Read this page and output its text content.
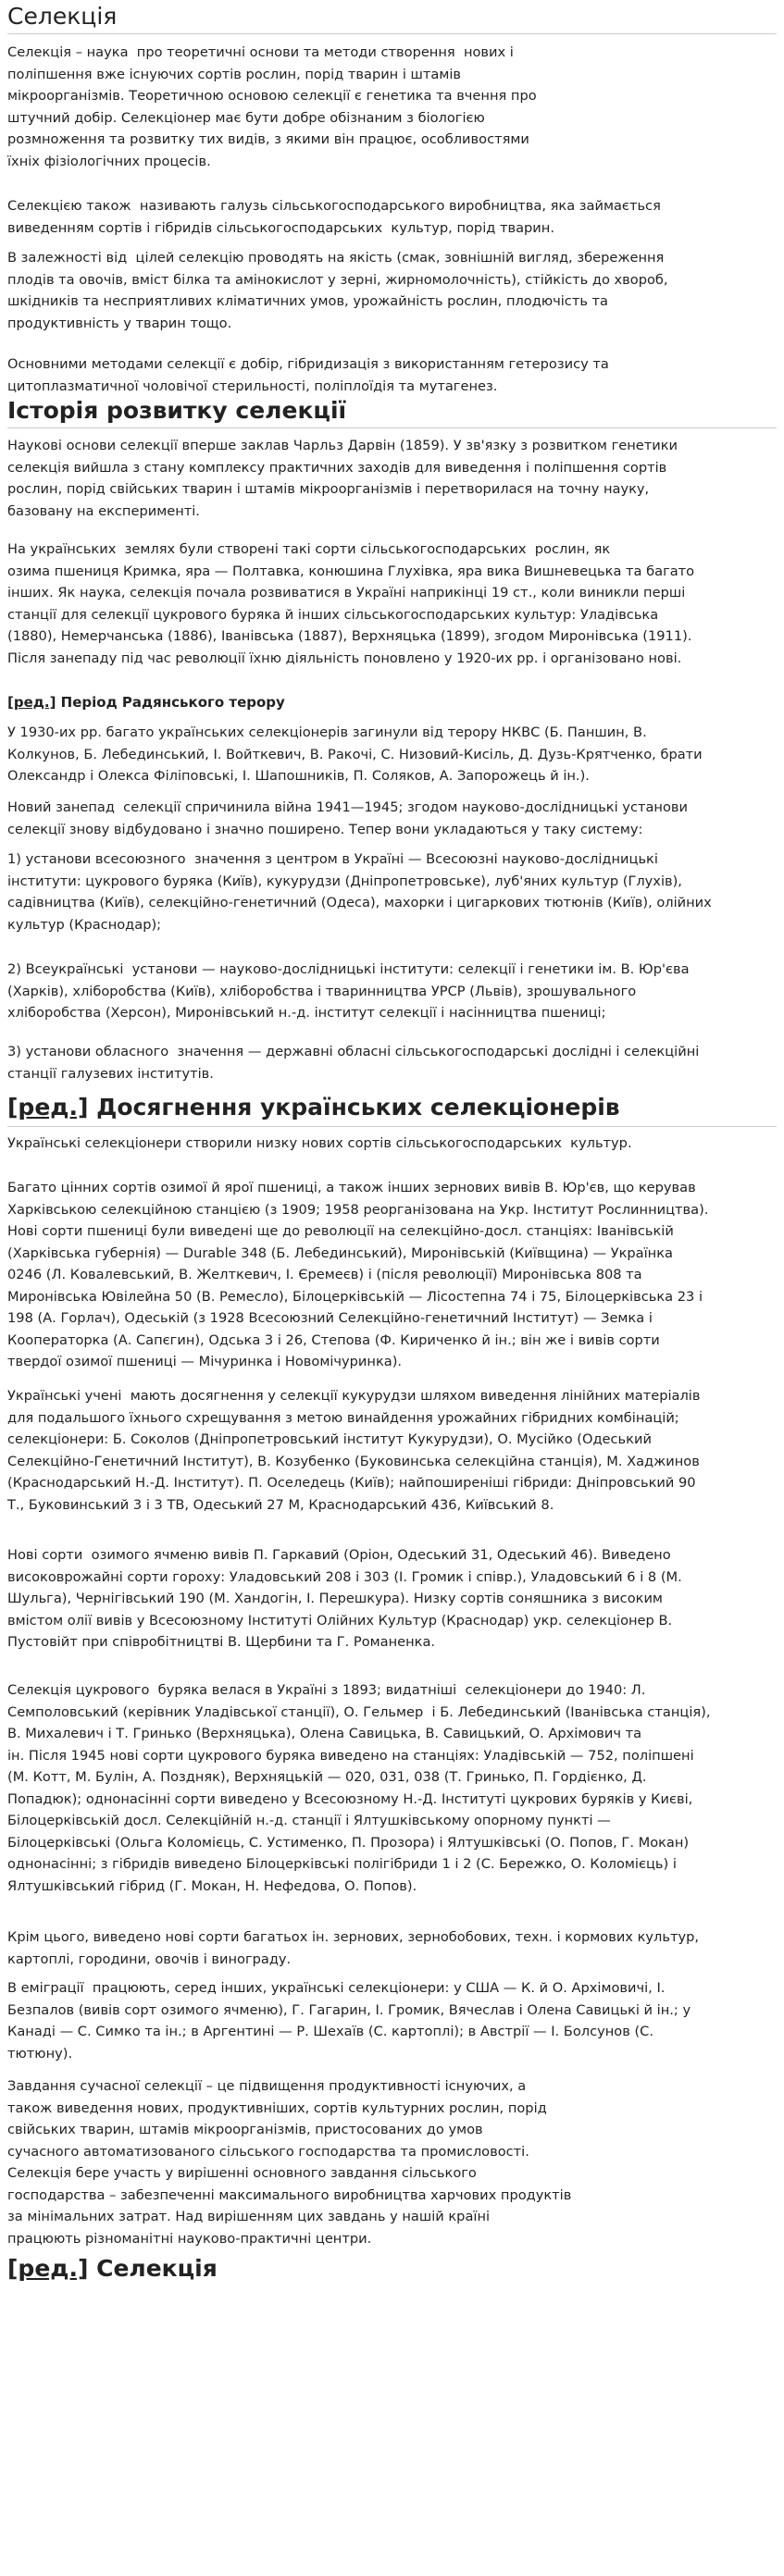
Селекція

Селекція – наука  про теоретичні основи та методи створення  нових і
поліпшення вже існуючих сортів рослин, порід тварин і штамів
мікроорганізмів. Теоретичною основою селекції є генетика та вчення про
штучний добір. Селекціонер має бути добре обізнаним з біологією
розмноження та розвитку тих видів, з якими він працює, особливостями
їхніх фізіологічних процесів.

Селекцією також  називають галузь сільськогосподарського виробництва, яка займається
виведенням сортів і гібридів сільськогосподарських  культур, порід тварин.

В залежності від  цілей селекцію проводять на якість (смак, зовнішній вигляд, збереження
плодів та овочів, вміст білка та амінокислот у зерні, жирномолочність), стійкість до хвороб,
шкідників та несприятливих кліматичних умов, урожайність рослин, плодючість та
продуктивність у тварин тощо.

Основними методами селекції є добір, гібридизація з використанням гетерозису та
цитоплазматичної чоловічої стерильності, поліплоїдія та мутагенез.

Історія розвитку селекції

Наукові основи селекції вперше заклав Чарльз Дарвін (1859). У зв'язку з розвитком генетики
селекція вийшла з стану комплексу практичних заходів для виведення і поліпшення сортів
рослин, порід свійських тварин і штамів мікроорганізмів і перетворилася на точну науку,
базовану на експерименті.

На українських  землях були створені такі сорти сільськогосподарських  рослин, як
озима пшениця Кримка, яра — Полтавка, конюшина Глухівка, яра вика Вишневецька та багато
інших. Як наука, селекція почала розвиватися в Україні наприкінці 19 ст., коли виникли перші
станції для селекції цукрового буряка й інших сільськогосподарських культур: Уладівська
(1880), Немерчанська (1886), Іванівська (1887), Верхняцька (1899), згодом Миронівська (1911).
Після занепаду під час революції їхню діяльність поновлено у 1920-их рр. і організовано нові.

[ред.] Період Радянського терору

У 1930-их рр. багато українських селекціонерів загинули від терору НКВС (Б. Паншин, В.
Колкунов, Б. Лебединський, І. Войткевич, В. Ракочі, С. Низовий-Кисіль, Д. Дузь-Крятченко, брати
Олександр і Олекса Філіповські, І. Шапошників, П. Соляков, А. Запорожець й ін.).

Новий занепад  селекції спричинила війна 1941—1945; згодом науково-дослідницькі установи
селекції знову відбудовано і значно поширено. Тепер вони укладаються у таку систему:

1) установи всесоюзного  значення з центром в Україні — Всесоюзні науково-дослідницькі
інститути: цукрового буряка (Київ), кукурудзи (Дніпропетровське), луб'яних культур (Глухів),
садівництва (Київ), селекційно-генетичний (Одеса), махорки і цигаркових тютюнів (Київ), олійних
культур (Краснодар);

2) Всеукраїнські  установи — науково-дослідницькі інститути: селекції і генетики ім. В. Юр'єва
(Харків), хліборобства (Київ), хліборобства і тваринництва УРСР (Львів), зрошувального
хліборобства (Херсон), Миронівський н.-д. інститут селекції і насінництва пшениці;

3) установи обласного  значення — державні обласні сільськогосподарські дослідні і селекційні
станції галузевих інститутів.

[ред.] Досягнення українських селекціонерів

Українські селекціонери створили низку нових сортів сільськогосподарських  культур.

Багато цінних сортів озимої й ярої пшениці, а також інших зернових вивів В. Юр'єв, що керував
Харківською селекційною станцією (з 1909; 1958 реорганізована на Укр. Інститут Рослинництва).
Нові сорти пшениці були виведені ще до революції на селекційно-досл. станціях: Іванівській
(Харківська губернія) — Durable 348 (Б. Лебединський), Миронівській (Київщина) — Українка
0246 (Л. Ковалевський, В. Желткевич, І. Єремеєв) і (після революції) Миронівська 808 та
Миронівська Ювілейна 50 (В. Ремесло), Білоцерківській — Лісостепна 74 і 75, Білоцерківська 23 і
198 (А. Горлач), Одеській (з 1928 Всесоюзний Селекційно-генетичний Інститут) — Земка і
Кооператорка (А. Сапєгин), Одська 3 і 26, Степова (Ф. Кириченко й ін.; він же і вивів сорти
твердої озимої пшениці — Мічуринка і Новомічуринка).

Українські учені  мають досягнення у селекції кукурудзи шляхом виведення лінійних матеріалів
для подальшого їхнього схрещування з метою винайдення урожайних гібридних комбінацій;
селекціонери: Б. Соколов (Дніпропетровський інститут Кукурудзи), О. Мусійко (Одеський
Селекційно-Генетичний Інститут), В. Козубенко (Буковинська селекційна станція), М. Хаджинов
(Краснодарський Н.-Д. Інститут). П. Оселедець (Київ); найпоширеніші гібриди: Дніпровський 90
Т., Буковинський 3 і 3 ТВ, Одеський 27 М, Краснодарський 436, Київський 8.

Нові сорти  озимого ячменю вивів П. Гаркавий (Оріон, Одеський 31, Одеський 46). Виведено
високоврожайні сорти гороху: Уладовський 208 і 303 (І. Громик і співр.), Уладовський 6 і 8 (М.
Шульга), Чернігівський 190 (М. Хандогін, І. Перешкура). Низку сортів соняшника з високим
вмістом олії вивів у Всесоюзному Інституті Олійних Культур (Краснодар) укр. селекціонер В.
Пустовійт при співробітництві В. Щербини та Г. Романенка.

Селекція цукрового  буряка велася в Україні з 1893; видатніші  селекціонери до 1940: Л.
Семполовський (керівник Уладівської станції), О. Гельмер  і Б. Лебединський (Іванівська станція),
В. Михалевич і Т. Гринько (Верхняцька), Олена Савицька, В. Савицький, О. Архімович та
ін. Після 1945 нові сорти цукрового буряка виведено на станціях: Уладівській — 752, поліпшені
(М. Котт, М. Булін, А. Поздняк), Верхняцькій — 020, 031, 038 (Т. Гринько, П. Гордієнко, Д.
Попадюк); однонасінні сорти виведено у Всесоюзному Н.-Д. Інституті цукрових буряків у Києві,
Білоцерківській досл. Селекційній н.-д. станції і Ялтушківському опорному пункті —
Білоцерківські (Ольга Коломієць, С. Устименко, П. Прозора) і Ялтушківські (О. Попов, Г. Мокан)
однонасінні; з гібридів виведено Білоцерківські полігібриди 1 і 2 (С. Бережко, О. Коломієць) і
Ялтушківський гібрид (Г. Мокан, Н. Нефедова, О. Попов).

Крім цього, виведено нові сорти багатьох ін. зернових, зернобобових, техн. і кормових культур,
картоплі, городини, овочів і винограду.

В еміграції  працюють, серед інших, українські селекціонери: у США — К. й О. Архімовичі, І.
Безпалов (вивів сорт озимого ячменю), Г. Гагарин, І. Громик, Вячеслав і Олена Савицькі й ін.; у
Канаді — С. Симко та ін.; в Аргентині — Р. Шехаїв (С. картоплі); в Австрії — І. Болсунов (С.
тютюну).

Завдання сучасної селекції – це підвищення продуктивності існуючих, а
також виведення нових, продуктивніших, сортів культурних рослин, порід
свійських тварин, штамів мікроорганізмів, пристосованих до умов
сучасного автоматизованого сільського господарства та промисловості.
Селекція бере участь у вирішенні основного завдання сільського
господарства – забезпеченні максимального виробництва харчових продуктів
за мінімальних затрат. Над вирішенням цих завдань у нашій країні
працюють різноманітні науково-практичні центри.

[ред.] Селекція
